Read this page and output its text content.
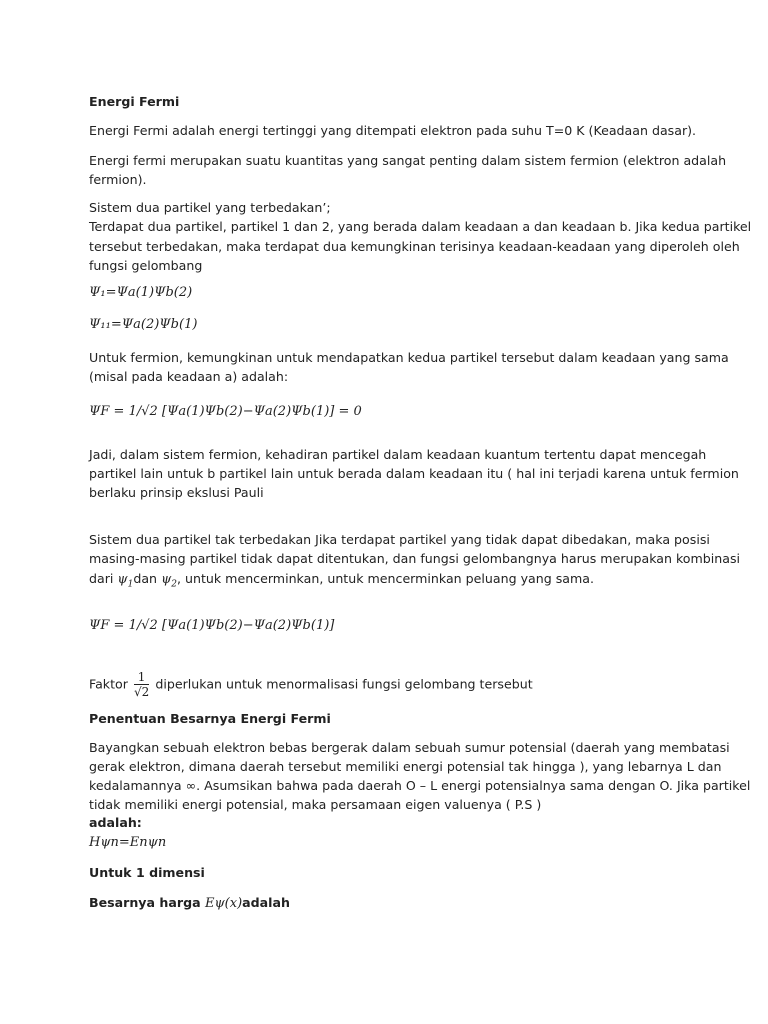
Energi Fermi
Energi Fermi adalah energi tertinggi yang ditempati elektron pada suhu T=0 K (Keadaan dasar).
Energi fermi merupakan suatu kuantitas yang sangat penting dalam sistem fermion (elektron adalah
fermion).
Sistem dua partikel yang terbedakan’;
Terdapat dua partikel, partikel 1 dan 2, yang berada dalam keadaan a dan keadaan b. Jika kedua partikel
tersebut terbedakan, maka terdapat dua kemungkinan terisinya keadaan-keadaan yang diperoleh oleh
fungsi gelombang
Ψ₁=Ψa(1)Ψb(2)
Ψ₁₁=Ψa(2)Ψb(1)
Untuk fermion, kemungkinan untuk mendapatkan kedua partikel tersebut dalam keadaan yang sama
(misal pada keadaan a) adalah:
ΨF = 1/√2 [Ψa(1)Ψb(2)−Ψa(2)Ψb(1)] = 0
Jadi, dalam sistem fermion, kehadiran partikel dalam keadaan kuantum tertentu dapat mencegah
partikel lain untuk b partikel lain untuk berada dalam keadaan itu ( hal ini terjadi karena untuk fermion
berlaku prinsip ekslusi Pauli
Sistem dua partikel tak terbedakan Jika terdapat partikel yang tidak dapat dibedakan, maka posisi
masing-masing partikel tidak dapat ditentukan, dan fungsi gelombangnya harus merupakan kombinasi
dari $\psi_1dan$ $\psi_2$, untuk mencerminkan, untuk mencerminkan peluang yang sama.
ΨF = 1/√2 [Ψa(1)Ψb(2)−Ψa(2)Ψb(1)]
Faktor $\frac{1}{√2}$ diperlukan untuk menormalisasi fungsi gelombang tersebut
Penentuan Besarnya Energi Fermi
Bayangkan sebuah elektron bebas bergerak dalam sebuah sumur potensial (daerah yang membatasi
gerak elektron, dimana daerah tersebut memiliki energi potensial tak hingga ), yang lebarnya L dan
kedalamannya ∞. Asumsikan bahwa pada daerah O – L energi potensialnya sama dengan O. Jika partikel
tidak memiliki energi potensial, maka persamaan eigen valuenya ( P.S )
adalah:
Hψn=Enψn
Untuk 1 dimensi
Besarnya harga Eψ(x)adalah
